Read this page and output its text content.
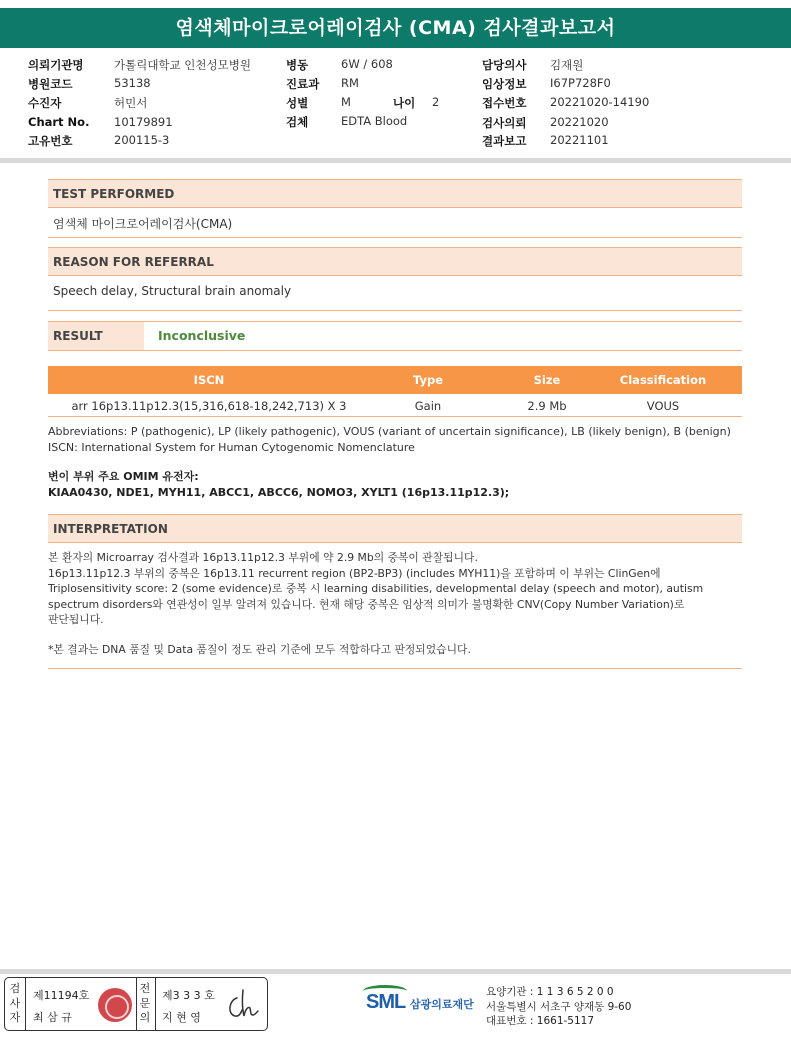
염색체마이크로어레이검사 (CMA) 검사결과보고서
의뢰기관명	가톨릭대학교 인천성모병원
병원코드	53138
수진자	허민서
Chart No. 10179891
고유번호	200115-3
병동	6W / 608
진료과 RM
성별	M	나이 2
검체	EDTA Blood
담당의사 김재원
임상정보 I67P728F0
접수번호 20221020-14190
검사의뢰 20221020
결과보고 20221101
TEST PERFORMED
염색체 마이크로어레이검사(CMA)
REASON FOR REFERRAL
Speech delay, Structural brain anomaly
RESULT	Inconclusive
ISCN	Type	Size	Classification
arr 16p13.11p12.3(15,316,618-18,242,713) X 3	Gain	2.9 Mb	VOUS
Abbreviations: P (pathogenic), LP (likely pathogenic), VOUS (variant of uncertain significance), LB (likely benign), B (benign)
ISCN: International System for Human Cytogenomic Nomenclature
변이 부위 주요 OMIM 유전자:
KIAA0430, NDE1, MYH11, ABCC1, ABCC6, NOMO3, XYLT1 (16p13.11p12.3);
INTERPRETATION
본 환자의 Microarray 검사결과 16p13.11p12.3 부위에 약 2.9 Mb의 중복이 관찰됩니다.
16p13.11p12.3 부위의 중복은 16p13.11 recurrent region (BP2-BP3) (includes MYH11)을 포함하며 이 부위는 ClinGen에
Triplosensitivity score: 2 (some evidence)로 중복 시 learning disabilities, developmental delay (speech and motor), autism
spectrum disorders와 연관성이 일부 알려져 있습니다. 현재 해당 중복은 임상적 의미가 불명확한 CNV(Copy Number Variation)로
판단됩니다.
*본 결과는 DNA 품질 및 Data 품질이 정도 관리 기준에 모두 적합하다고 판정되었습니다.
검
사
자
제11194호
최 삼 규
전
문
의
제3 3 3 호
지 현 영
SML 삼광의료재단
요양기관 : 1 1 3 6 5 2 0 0
서울특별시 서초구 양재동 9-60
대표번호 : 1661-5117
